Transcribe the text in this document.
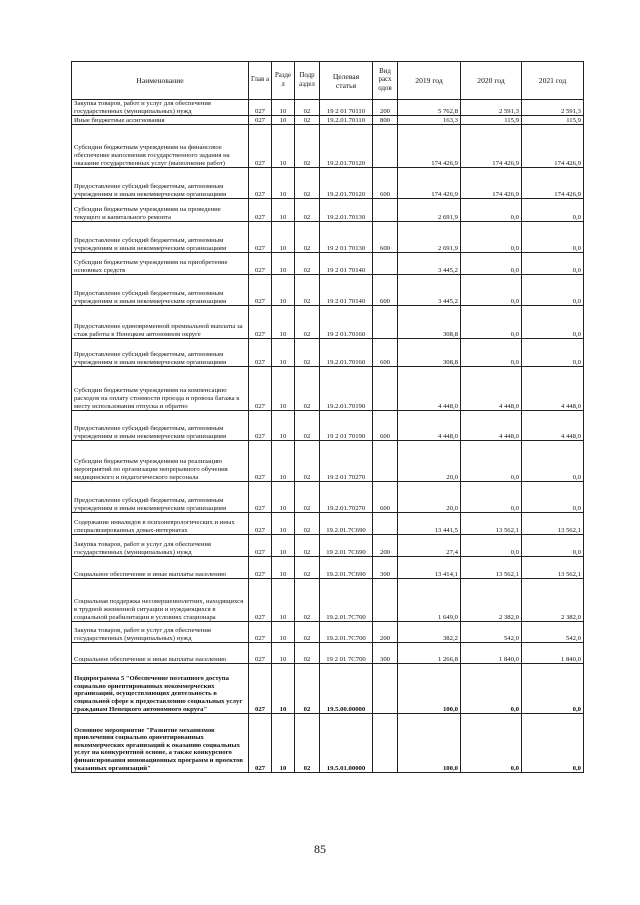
Наименование	Глав а	Разде л	Подр аздел	Целевая статья	Вид расх одов	2019 год	2020 год	2021 год
Закупка товаров, работ и услуг для обеспечения государственных (муниципальных) нужд	027	10	02	19 2 01 70110	200	5 762,8	2 591,3	2 591,3
Иные бюджетные ассигнования	027	10	02	19.2.01.70110	800	163,3	115,9	115,9
Субсидии бюджетным учреждениям на финансовое обеспечение выполнения государственного задания на оказание государственных услуг (выполнение работ)	027	10	02	19.2.01.70120		174 426,9	174 426,9	174 426,9
Предоставление субсидий бюджетным, автономным учреждениям и иным некоммерческим организациям	027	10	02	19.2.01.70120	600	174 426,9	174 426,9	174 426,9
Субсидии бюджетным учреждениям на проведение текущего и капитального ремонта	027	10	02	19.2.01.70130		2 691,9	0,0	0,0
Предоставление субсидий бюджетным, автономным учреждениям и иным некоммерческим организациям	027	10	02	19 2 01 70130	600	2 691,9	0,0	0,0
Субсидии бюджетным учреждениям на приобретение основных средств	027	10	02	19 2 01 70140		3 445,2	0,0	0,0
Предоставление субсидий бюджетным, автономным учреждениям и иным некоммерческим организациям	027	10	02	19 2 01 70140	600	3 445,2	0,0	0,0
Предоставление единовременной премиальной выплаты за стаж работы в Ненецком автономном округе	027	10	02	19 2 01.70160		308,8	0,0	0,0
Предоставление субсидий бюджетным, автономным учреждениям и иным некоммерческим организациям	027	10	02	19.2.01.70160	600	308,8	0,0	0,0
Субсидии бюджетным учреждениям на компенсацию расходов на оплату стоимости проезда и провоза багажа к месту использования отпуска и обратно	027	10	02	19.2.01.70190		4 448,0	4 448,0	4 448,0
Предоставление субсидий бюджетным, автономным учреждениям и иным некоммерческим организациям	027	10	02	19 2 01 70190	600	4 448,0	4 448,0	4 448,0
Субсидии бюджетным учреждениям на реализацию мероприятий по организации непрерывного обучения медицинского и педагогического персонала	027	10	02	19 2 01 70270		20,0	0,0	0,0
Предоставление субсидий бюджетным, автономным учреждениям и иным некоммерческим организациям	027	10	02	19.2.01.70270	600	20,0	0,0	0,0
Содержание инвалидов в психоневрологических и иных специализированных домах-интернатах	027	10	02	19.2.01.7С690		13 441,5	13 562,1	13 562,1
Закупка товаров, работ и услуг для обеспечения государственных (муниципальных) нужд	027	10	02	19 2.01 7С690	200	27,4	0,0	0,0
Социальное обеспечение и иные выплаты населению	027	10	02	19.2.01.7С690	300	13 414,1	13 562,1	13 562,1
Социальная поддержка несовершеннолетних, находящихся в трудной жизненной ситуации и нуждающихся в социальной реабилитации в условиях стационара	027	10	02	19.2.01.7С700		1 649,0	2 382,0	2 382,0
Закупка товаров, работ и услуг для обеспечения государственных (муниципальных) нужд	027	10	02	19.2.01.7С700	200	382,2	542,0	542,0
Социальное обеспечение и иные выплаты населению	027	10	02	19 2 01 7С700	300	1 266,8	1 840,0	1 840,0
Подпрограмма 5 "Обеспечение поэтапного доступа социально ориентированных некоммерческих организаций, осуществляющих деятельность в социальной сфере к предоставлению социальных услуг гражданам Ненецкого автономного округа"	027	10	02	19.5.00.00000		100,0	0,0	0,0
Основное мероприятие "Развитие механизмов привлечения социально ориентированных некоммерческих организаций к оказанию социальных услуг на конкурентной основе, а также конкурсного финансирования инновационных программ и проектов указанных организаций"	027	10	02	19.5.01.00000		100,0	0,0	0,0
85
